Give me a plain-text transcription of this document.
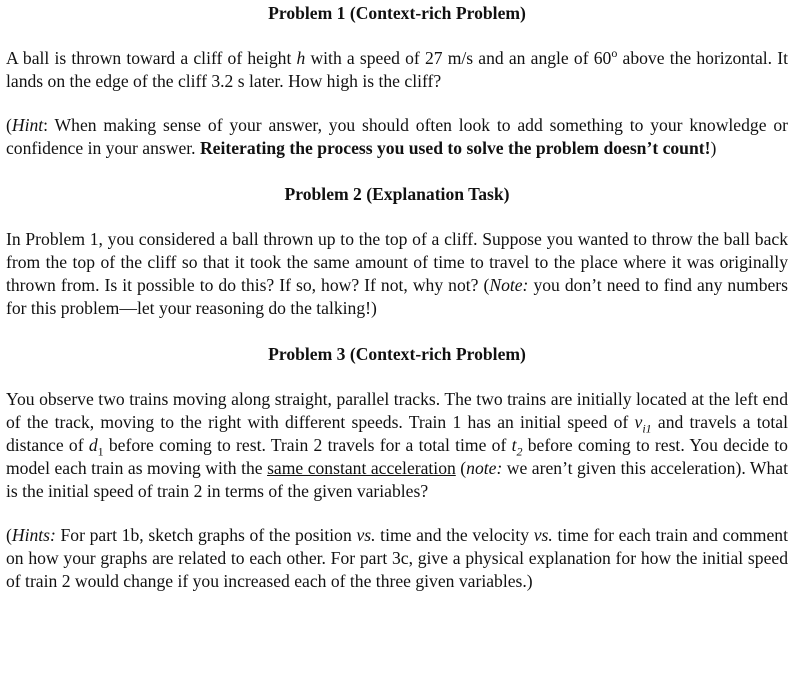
Problem 1 (Context-rich Problem)

A ball is thrown toward a cliff of height h with a speed of 27 m/s and an angle of 60$^o$ above the horizontal. It lands on the edge of the cliff 3.2 s later. How high is the cliff?

(Hint: When making sense of your answer, you should often look to add something to your knowledge or confidence in your answer. Reiterating the process you used to solve the problem doesn’t count!)

Problem 2 (Explanation Task)

In Problem 1, you considered a ball thrown up to the top of a cliff. Suppose you wanted to throw the ball back from the top of the cliff so that it took the same amount of time to travel to the place where it was originally thrown from. Is it possible to do this? If so, how? If not, why not? (Note: you don’t need to find any numbers for this problem—let your reasoning do the talking!)

Problem 3 (Context-rich Problem)

You observe two trains moving along straight, parallel tracks. The two trains are initially located at the left end of the track, moving to the right with different speeds. Train 1 has an initial speed of $v_{i1}$ and travels a total distance of $d_1$ before coming to rest. Train 2 travels for a total time of $t_2$ before coming to rest. You decide to model each train as moving with the same constant acceleration (note: we aren’t given this acceleration). What is the initial speed of train 2 in terms of the given variables?

(Hints: For part 1b, sketch graphs of the position vs. time and the velocity vs. time for each train and comment on how your graphs are related to each other. For part 3c, give a physical explanation for how the initial speed of train 2 would change if you increased each of the three given variables.)
